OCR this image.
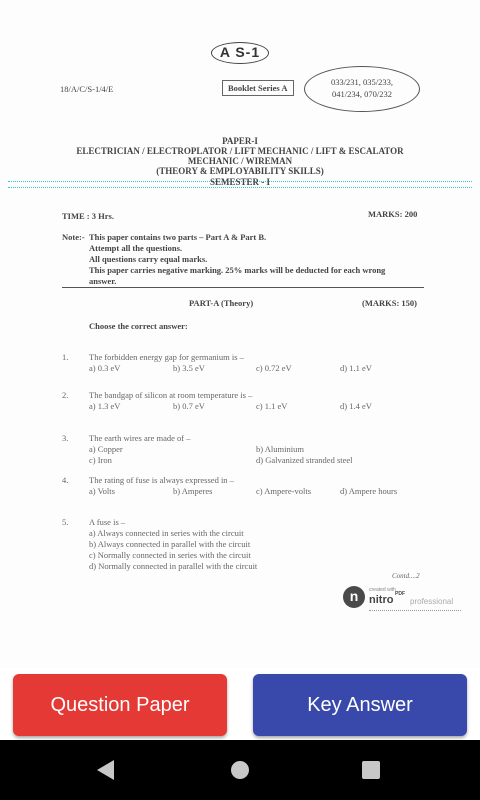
A S-1
18/A/C/S-1/4/E	Booklet Series A
033/231, 035/233,
041/234, 070/232
PAPER-I
ELECTRICIAN / ELECTROPLATOR / LIFT MECHANIC / LIFT & ESCALATOR
MECHANIC / WIREMAN
(THEORY & EMPLOYABILITY SKILLS)
SEMESTER - I
TIME : 3 Hrs.	MARKS: 200
Note:- This paper contains two parts – Part A & Part B.
Attempt all the questions.
All questions carry equal marks.
This paper carries negative marking. 25% marks will be deducted for each wrong
answer.
PART-A (Theory)	(MARKS: 150)
Choose the correct answer:
1. The forbidden energy gap for germanium is –
a) 0.3 eV	b) 3.5 eV	c) 0.72 eV	d) 1.1 eV
2. The bandgap of silicon at room temperature is –
a) 1.3 eV	b) 0.7 eV	c) 1.1 eV	d) 1.4 eV
3. The earth wires are made of –
a) Copper	b) Aluminium
c) Iron	d) Galvanized stranded steel
4. The rating of fuse is always expressed in –
a) Volts	b) Amperes	c) Ampere-volts	d) Ampere hours
5. A fuse is –
a) Always connected in series with the circuit
b) Always connected in parallel with the circuit
c) Normally connected in series with the circuit
d) Normally connected in parallel with the circuit
Contd....2
n	created with
nitro PDF
professional
Question Paper	Key Answer
